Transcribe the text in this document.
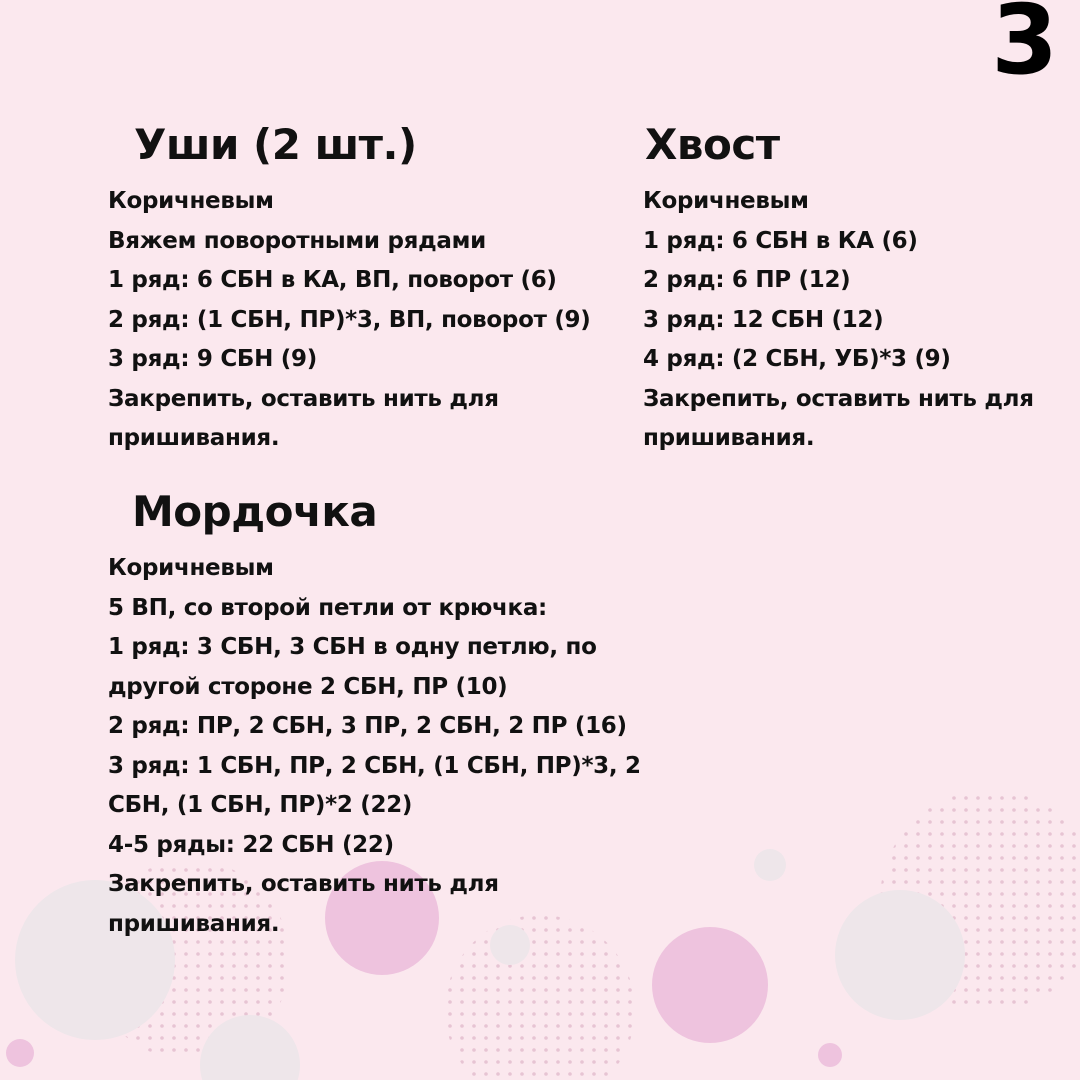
3
Уши (2 шт.)
Коричневым
Вяжем поворотными рядами
1 ряд: 6 СБН в КА, ВП, поворот (6)
2 ряд: (1 СБН, ПР)*3, ВП, поворот (9)
3 ряд: 9 СБН (9)
Закрепить, оставить нить для
пришивания.
Хвост
Коричневым
1 ряд: 6 СБН в КА (6)
2 ряд: 6 ПР (12)
3 ряд: 12 СБН (12)
4 ряд: (2 СБН, УБ)*3 (9)
Закрепить, оставить нить для
пришивания.
Мордочка
Коричневым
5 ВП, со второй петли от крючка:
1 ряд: 3 СБН, 3 СБН в одну петлю, по
другой стороне 2 СБН, ПР (10)
2 ряд: ПР, 2 СБН, 3 ПР, 2 СБН, 2 ПР (16)
3 ряд: 1 СБН, ПР, 2 СБН, (1 СБН, ПР)*3, 2
СБН, (1 СБН, ПР)*2 (22)
4-5 ряды: 22 СБН (22)
Закрепить, оставить нить для
пришивания.
